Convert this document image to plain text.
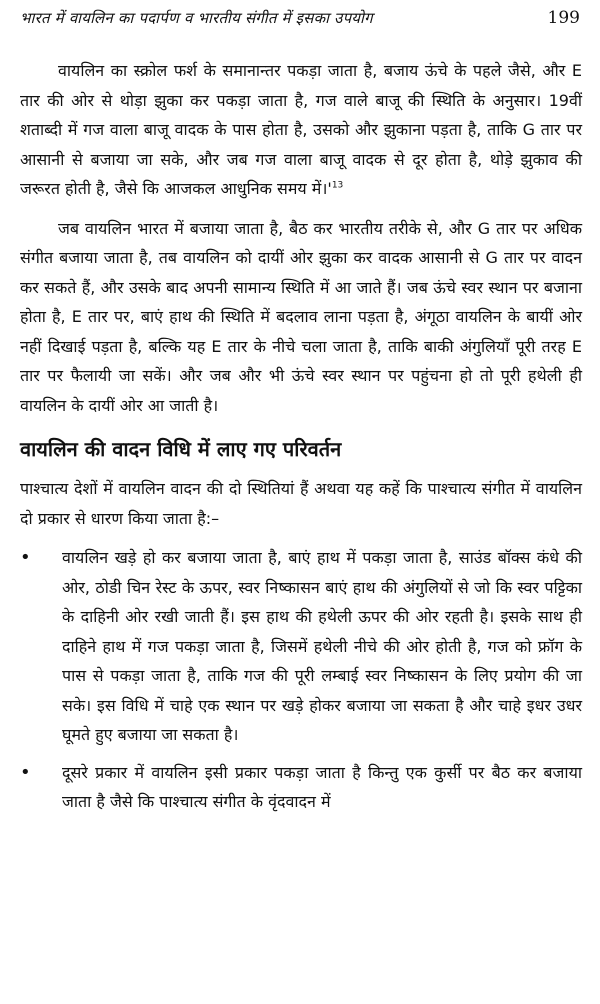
भारत में वायलिन का पदार्पण व भारतीय संगीत में इसका उपयोग	199

वायलिन का स्क्रोल फर्श के समानान्तर पकड़ा जाता है, बजाय ऊंचे के पहले जैसे, और E तार की ओर से थोड़ा झुका कर पकड़ा जाता है, गज वाले बाजू की स्थिति के अनुसार। 19वीं शताब्दी में गज वाला बाजू वादक के पास होता है, उसको और झुकाना पड़ता है, ताकि G तार पर आसानी से बजाया जा सके, और जब गज वाला बाजू वादक से दूर होता है, थोड़े झुकाव की जरूरत होती है, जैसे कि आजकल आधुनिक समय में।'$^{13}$

जब वायलिन भारत में बजाया जाता है, बैठ कर भारतीय तरीके से, और G तार पर अधिक संगीत बजाया जाता है, तब वायलिन को दायीं ओर झुका कर वादक आसानी से G तार पर वादन कर सकते हैं, और उसके बाद अपनी सामान्य स्थिति में आ जाते हैं। जब ऊंचे स्वर स्थान पर बजाना होता है, E तार पर, बाएं हाथ की स्थिति में बदलाव लाना पड़ता है, अंगूठा वायलिन के बायीं ओर नहीं दिखाई पड़ता है, बल्कि यह E तार के नीचे चला जाता है, ताकि बाकी अंगुलियाँ पूरी तरह E तार पर फैलायी जा सकें। और जब और भी ऊंचे स्वर स्थान पर पहुंचना हो तो पूरी हथेली ही वायलिन के दायीं ओर आ जाती है।

वायलिन की वादन विधि में लाए गए परिवर्तन

पाश्चात्य देशों में वायलिन वादन की दो स्थितियां हैं अथवा यह कहें कि पाश्चात्य संगीत में वायलिन दो प्रकार से धारण किया जाता है:–

• वायलिन खड़े हो कर बजाया जाता है, बाएं हाथ में पकड़ा जाता है, साउंड बॉक्स कंधे की ओर, ठोडी चिन रेस्ट के ऊपर, स्वर निष्कासन बाएं हाथ की अंगुलियों से जो कि स्वर पट्टिका के दाहिनी ओर रखी जाती हैं। इस हाथ की हथेली ऊपर की ओर रहती है। इसके साथ ही दाहिने हाथ में गज पकड़ा जाता है, जिसमें हथेली नीचे की ओर होती है, गज को फ्रॉग के पास से पकड़ा जाता है, ताकि गज की पूरी लम्बाई स्वर निष्कासन के लिए प्रयोग की जा सके। इस विधि में चाहे एक स्थान पर खड़े होकर बजाया जा सकता है और चाहे इधर उधर घूमते हुए बजाया जा सकता है।
• दूसरे प्रकार में वायलिन इसी प्रकार पकड़ा जाता है किन्तु एक कुर्सी पर बैठ कर बजाया जाता है जैसे कि पाश्चात्य संगीत के वृंदवादन में
